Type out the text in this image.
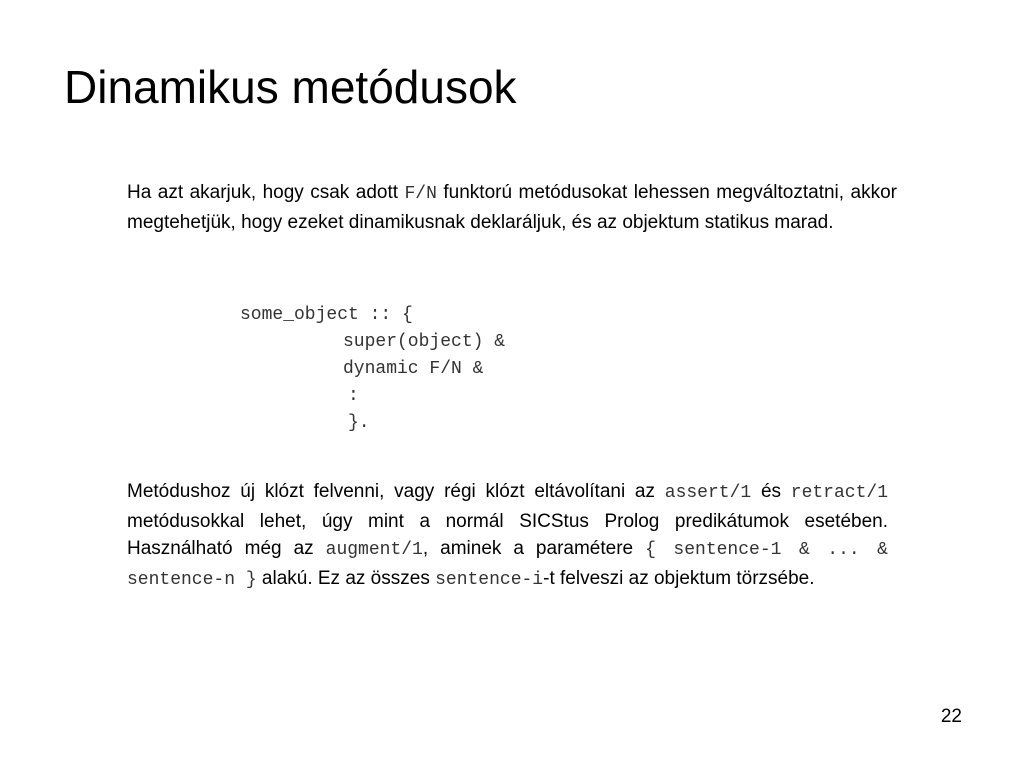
Dinamikus metódusok

Ha azt akarjuk, hogy csak adott F/N funktorú metódusokat lehessen megváltoztatni, akkor megtehetjük, hogy ezeket dinamikusnak deklaráljuk, és az objektum statikus marad.

some_object :: {
super(object) &
dynamic F/N &
:
}.

Metódushoz új klózt felvenni, vagy régi klózt eltávolítani az assert/1 és retract/1 metódusokkal lehet, úgy mint a normál SICStus Prolog predikátumok esetében. Használható még az augment/1, aminek a paramétere { sentence-1 & ... & sentence-n } alakú. Ez az összes sentence-i-t felveszi az objektum törzsébe.

22
